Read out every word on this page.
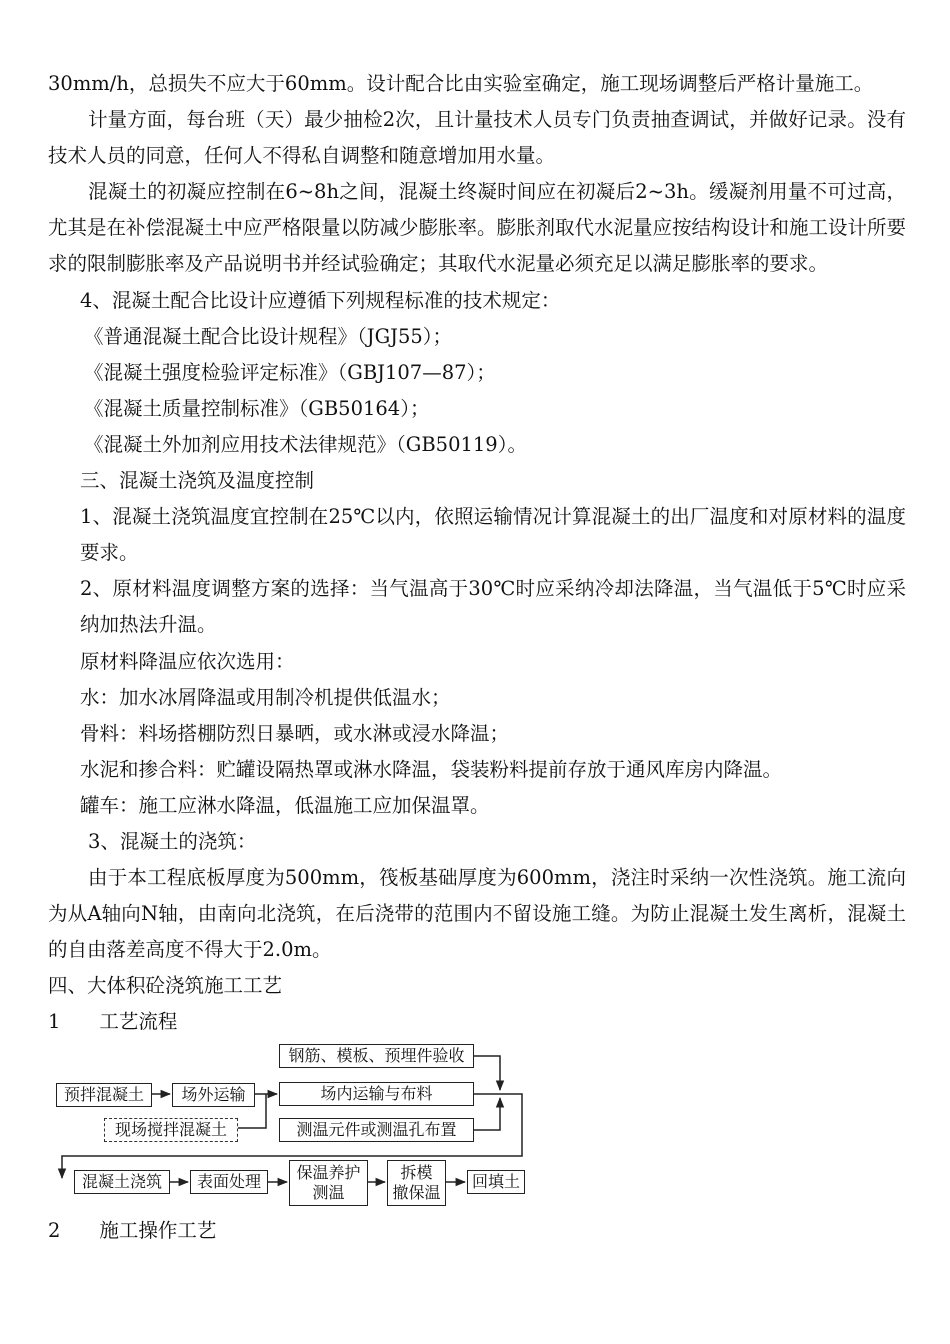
30mm/h，总损失不应大于60mm。设计配合比由实验室确定，施工现场调整后严格计量施工。

计量方面，每台班（天）最少抽检2次，且计量技术人员专门负责抽查调试，并做好记录。没有技术人员的同意，任何人不得私自调整和随意增加用水量。

混凝土的初凝应控制在6~8h之间，混凝土终凝时间应在初凝后2~3h。缓凝剂用量不可过高，尤其是在补偿混凝土中应严格限量以防减少膨胀率。膨胀剂取代水泥量应按结构设计和施工设计所要求的限制膨胀率及产品说明书并经试验确定；其取代水泥量必须充足以满足膨胀率的要求。

4、混凝土配合比设计应遵循下列规程标准的技术规定：

《普通混凝土配合比设计规程》（JGJ55）；

《混凝土强度检验评定标准》（GBJ107—87）；

《混凝土质量控制标准》（GB50164）；

《混凝土外加剂应用技术法律规范》（GB50119）。

三、混凝土浇筑及温度控制

1、混凝土浇筑温度宜控制在25℃以内，依照运输情况计算混凝土的出厂温度和对原材料的温度要求。

2、原材料温度调整方案的选择：当气温高于30℃时应采纳冷却法降温，当气温低于5℃时应采纳加热法升温。

原材料降温应依次选用：

水：加水冰屑降温或用制冷机提供低温水；

骨料：料场搭棚防烈日暴晒，或水淋或浸水降温；

水泥和掺合料：贮罐设隔热罩或淋水降温，袋装粉料提前存放于通风库房内降温。

罐车：施工应淋水降温，低温施工应加保温罩。

3、混凝土的浇筑：

由于本工程底板厚度为500mm，筏板基础厚度为600mm，浇注时采纳一次性浇筑。施工流向为从A轴向N轴，由南向北浇筑，在后浇带的范围内不留设施工缝。为防止混凝土发生离析，混凝土的自由落差高度不得大于2.0m。

四、大体积砼浇筑施工工艺

1　　工艺流程

预拌混凝土
现场搅拌混凝土
场外运输
钢筋、模板、预埋件验收
场内运输与布料
测温元件或测温孔布置
混凝土浇筑	表面处理	保温养护
测温
拆模
撤保温
回填土
2　　施工操作工艺
